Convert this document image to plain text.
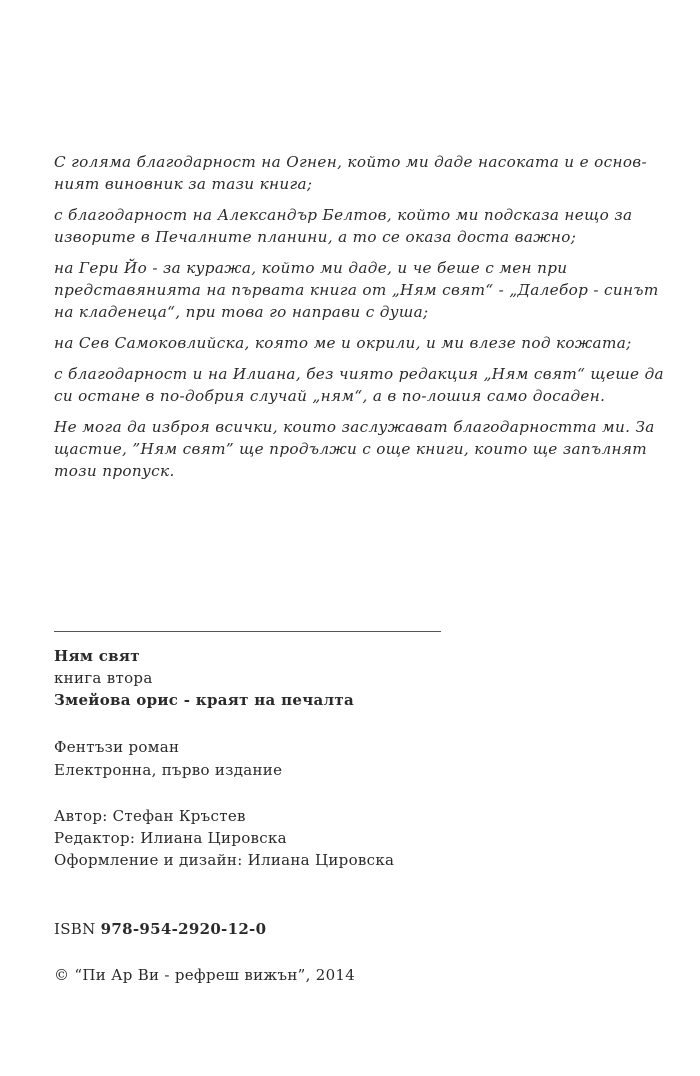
С голяма благодарност на Огнен, който ми даде насоката и е основ-
ният виновник за тази книга;

с благодарност на Александър Белтов, който ми подсказа нещо за
изворите в Печалните планини, а то се оказа доста важно;

на Гери Йо - за куража, който ми даде, и че беше с мен при
представянията на първата книга от „Ням свят“ - „Далебор - синът
на кладенеца“, при това го направи с душа;

на Сев Самоковлийска, която ме и окрили, и ми влезе под кожата;

с благодарност и на Илиана, без чиято редакция „Ням свят“ щеше да
си остане в по-добрия случай „ням“, а в по-лошия само досаден.

Не мога да изброя всички, които заслужават благодарността ми. За
щастие, ”Ням свят” ще продължи с още книги, които ще запълнят
този пропуск.

Ням свят
книга втора
Змейова орис - краят на печалта
Фентъзи роман
Електронна, първо издание
Автор: Стефан Кръстев
Редактор: Илиана Цировска
Оформление и дизайн: Илиана Цировска
ISBN 978-954-2920-12-0
© “Пи Ар Ви - рефреш вижън”, 2014
